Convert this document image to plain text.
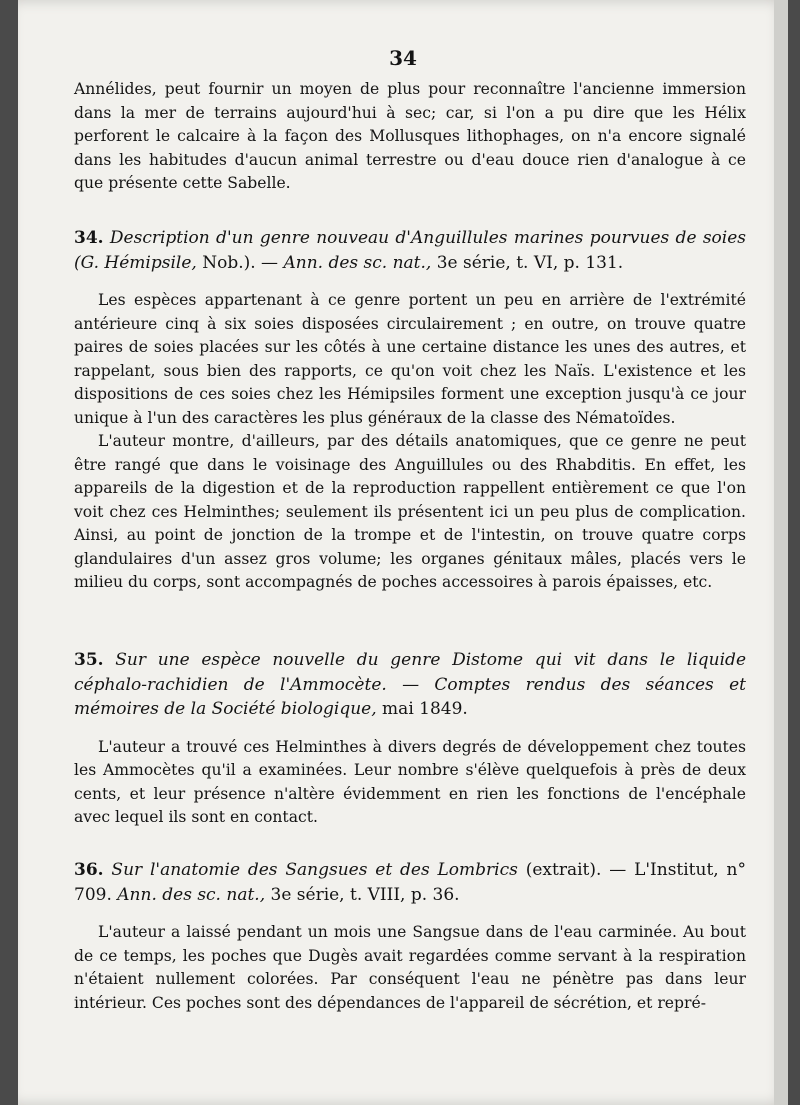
34

Annélides, peut fournir un moyen de plus pour reconnaître l'ancienne immersion dans la mer de terrains aujourd'hui à sec; car, si l'on a pu dire que les Hélix perforent le calcaire à la façon des Mollusques lithophages, on n'a encore signalé dans les habitudes d'aucun animal terrestre ou d'eau douce rien d'analogue à ce que présente cette Sabelle.

34. Description d'un genre nouveau d'Anguillules marines pourvues de soies (G. Hémipsile, Nob.). — Ann. des sc. nat., 3e série, t. VI, p. 131.

Les espèces appartenant à ce genre portent un peu en arrière de l'extrémité antérieure cinq à six soies disposées circulairement ; en outre, on trouve quatre paires de soies placées sur les côtés à une certaine distance les unes des autres, et rappelant, sous bien des rapports, ce qu'on voit chez les Naïs. L'existence et les dispositions de ces soies chez les Hémipsiles forment une exception jusqu'à ce jour unique à l'un des caractères les plus généraux de la classe des Nématoïdes.

L'auteur montre, d'ailleurs, par des détails anatomiques, que ce genre ne peut être rangé que dans le voisinage des Anguillules ou des Rhabditis. En effet, les appareils de la digestion et de la reproduction rappellent entièrement ce que l'on voit chez ces Helminthes; seulement ils présentent ici un peu plus de complication. Ainsi, au point de jonction de la trompe et de l'intestin, on trouve quatre corps glandulaires d'un assez gros volume; les organes génitaux mâles, placés vers le milieu du corps, sont accompagnés de poches accessoires à parois épaisses, etc.

35. Sur une espèce nouvelle du genre Distome qui vit dans le liquide céphalo-rachidien de l'Ammocète. — Comptes rendus des séances et mémoires de la Société biologique, mai 1849.

L'auteur a trouvé ces Helminthes à divers degrés de développement chez toutes les Ammocètes qu'il a examinées. Leur nombre s'élève quelquefois à près de deux cents, et leur présence n'altère évidemment en rien les fonctions de l'encéphale avec lequel ils sont en contact.

36. Sur l'anatomie des Sangsues et des Lombrics (extrait). — L'Institut, n° 709. Ann. des sc. nat., 3e série, t. VIII, p. 36.

L'auteur a laissé pendant un mois une Sangsue dans de l'eau carminée. Au bout de ce temps, les poches que Dugès avait regardées comme servant à la respiration n'étaient nullement colorées. Par conséquent l'eau ne pénètre pas dans leur intérieur. Ces poches sont des dépendances de l'appareil de sécrétion, et repré-
